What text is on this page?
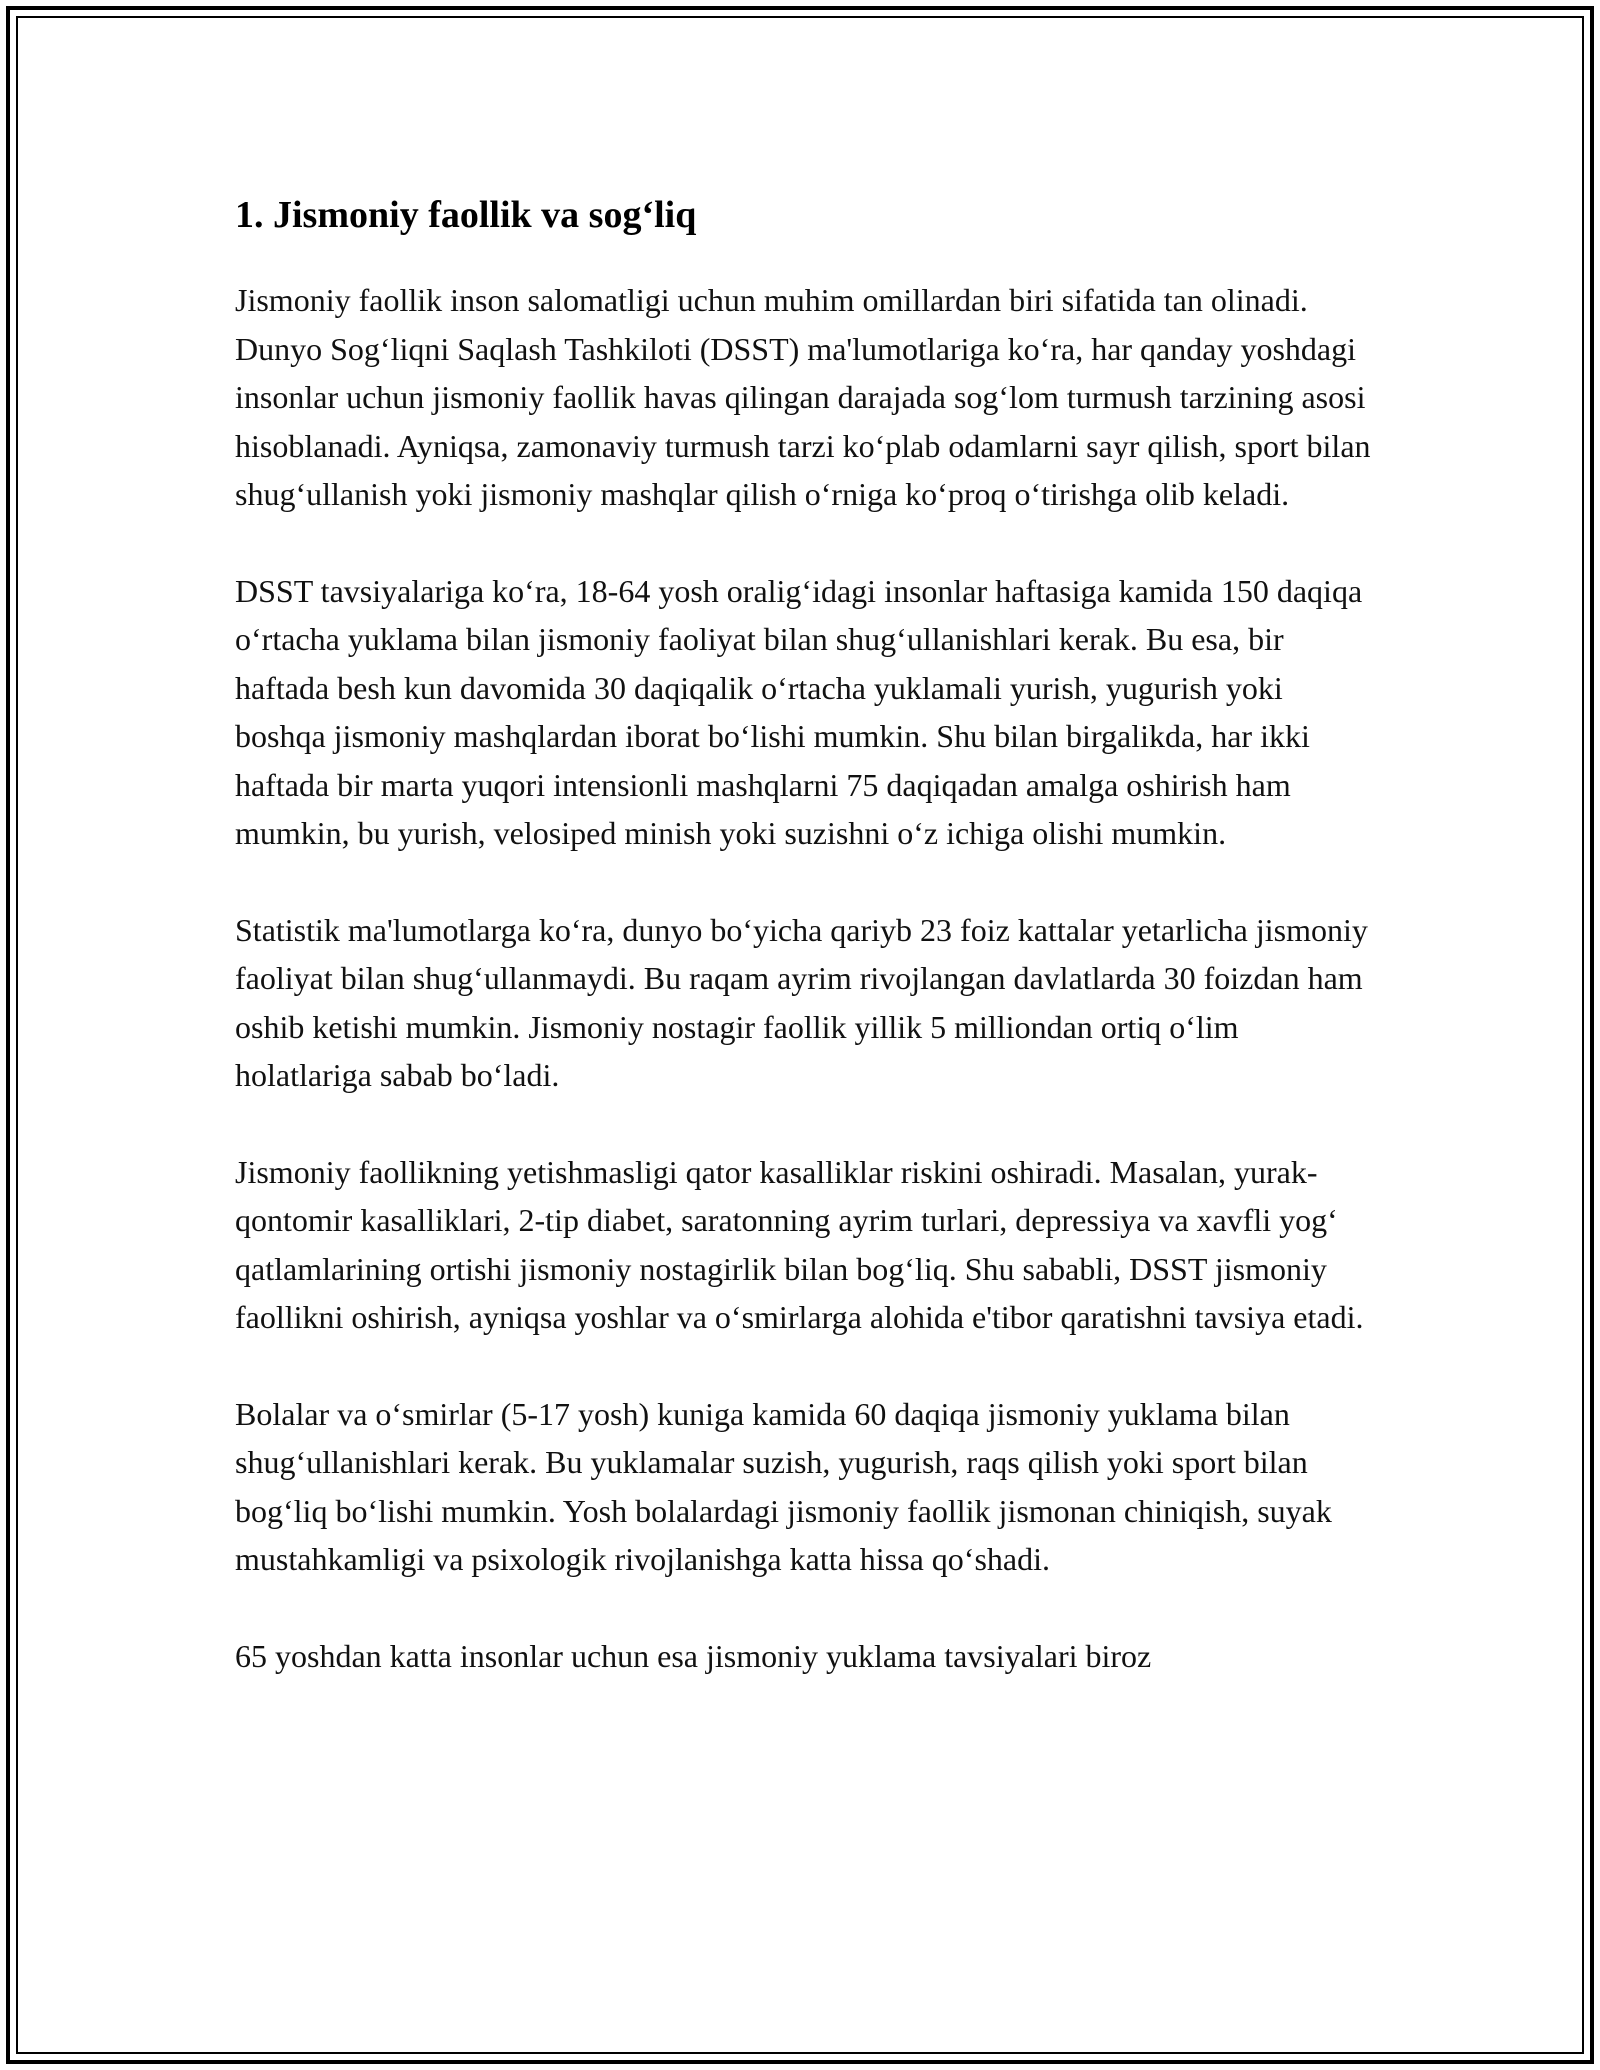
1. Jismoniy faollik va sog‘liq

Jismoniy faollik inson salomatligi uchun muhim omillardan biri sifatida tan olinadi. Dunyo Sog‘liqni Saqlash Tashkiloti (DSST) ma'lumotlariga ko‘ra, har qanday yoshdagi insonlar uchun jismoniy faollik havas qilingan darajada sog‘lom turmush tarzining asosi hisoblanadi. Ayniqsa, zamonaviy turmush tarzi ko‘plab odamlarni sayr qilish, sport bilan shug‘ullanish yoki jismoniy mashqlar qilish o‘rniga ko‘proq o‘tirishga olib keladi.

DSST tavsiyalariga ko‘ra, 18-64 yosh oralig‘idagi insonlar haftasiga kamida 150 daqiqa o‘rtacha yuklama bilan jismoniy faoliyat bilan shug‘ullanishlari kerak. Bu esa, bir haftada besh kun davomida 30 daqiqalik o‘rtacha yuklamali yurish, yugurish yoki boshqa jismoniy mashqlardan iborat bo‘lishi mumkin. Shu bilan birgalikda, har ikki haftada bir marta yuqori intensionli mashqlarni 75 daqiqadan amalga oshirish ham mumkin, bu yurish, velosiped minish yoki suzishni o‘z ichiga olishi mumkin.

Statistik ma'lumotlarga ko‘ra, dunyo bo‘yicha qariyb 23 foiz kattalar yetarlicha jismoniy faoliyat bilan shug‘ullanmaydi. Bu raqam ayrim rivojlangan davlatlarda 30 foizdan ham oshib ketishi mumkin. Jismoniy nostagir faollik yillik 5 milliondan ortiq o‘lim holatlariga sabab bo‘ladi.

Jismoniy faollikning yetishmasligi qator kasalliklar riskini oshiradi. Masalan, yurak-qontomir kasalliklari, 2-tip diabet, saratonning ayrim turlari, depressiya va xavfli yog‘ qatlamlarining ortishi jismoniy nostagirlik bilan bog‘liq. Shu sababli, DSST jismoniy faollikni oshirish, ayniqsa yoshlar va o‘smirlarga alohida e'tibor qaratishni tavsiya etadi.

Bolalar va o‘smirlar (5-17 yosh) kuniga kamida 60 daqiqa jismoniy yuklama bilan shug‘ullanishlari kerak. Bu yuklamalar suzish, yugurish, raqs qilish yoki sport bilan bog‘liq bo‘lishi mumkin. Yosh bolalardagi jismoniy faollik jismonan chiniqish, suyak mustahkamligi va psixologik rivojlanishga katta hissa qo‘shadi.

65 yoshdan katta insonlar uchun esa jismoniy yuklama tavsiyalari biroz
